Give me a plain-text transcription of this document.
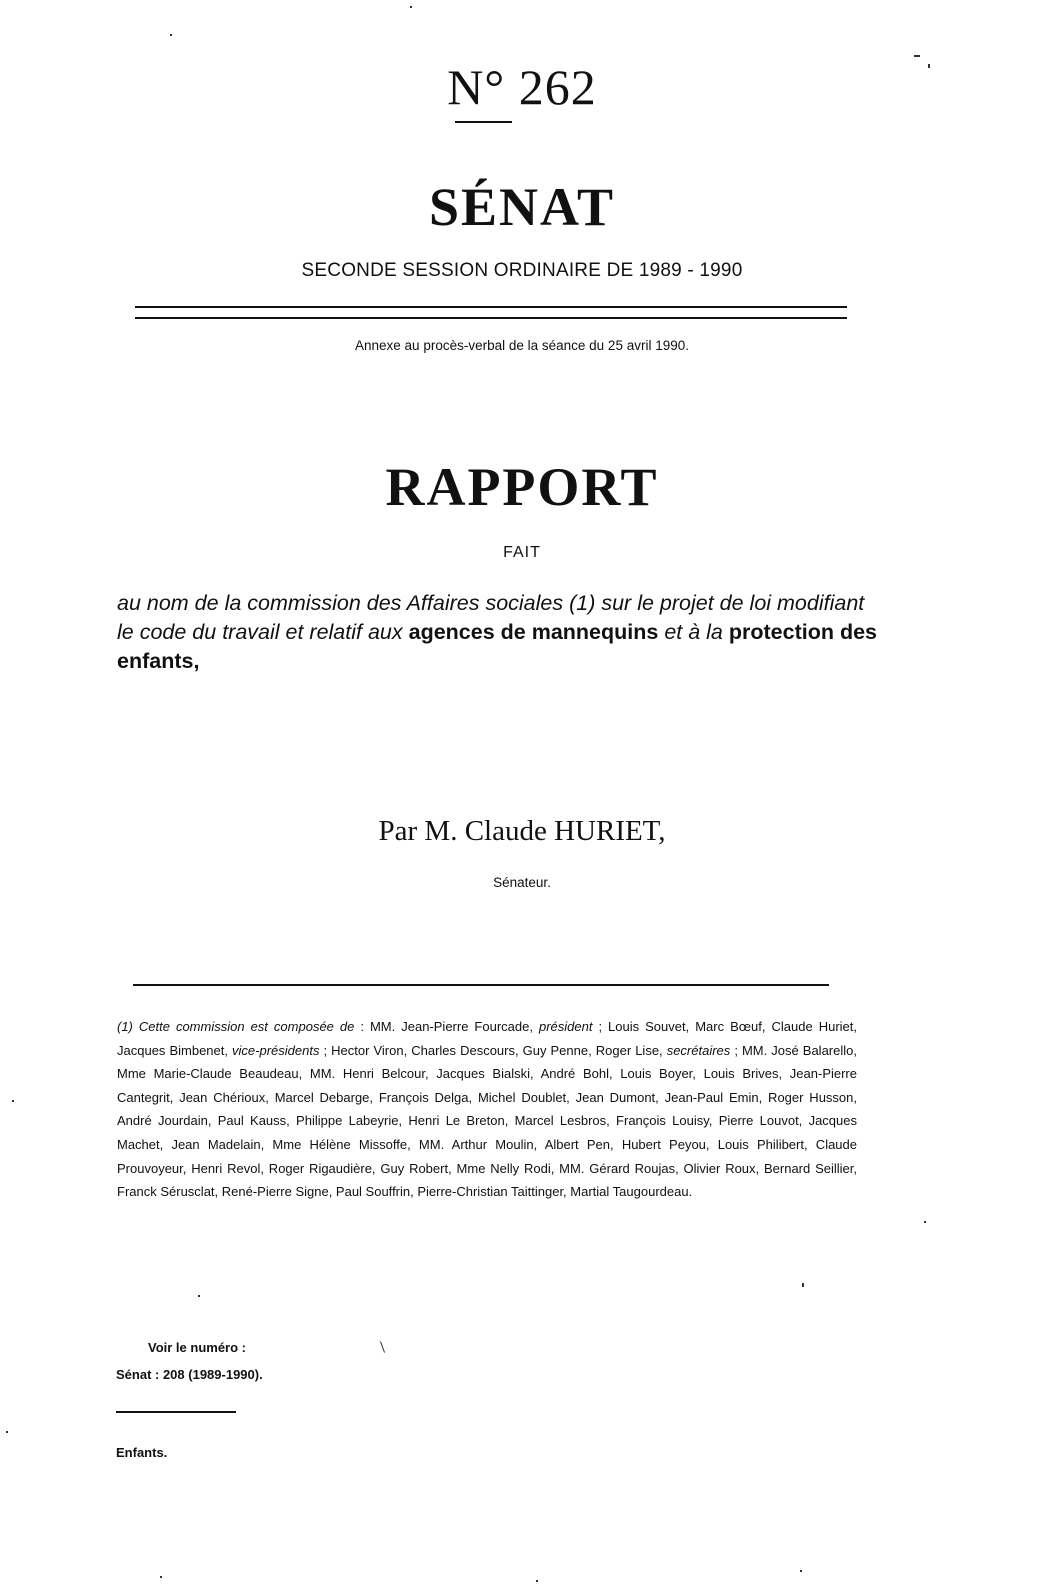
N° 262
SÉNAT
SECONDE SESSION ORDINAIRE DE 1989 - 1990
Annexe au procès-verbal de la séance du 25 avril 1990.
RAPPORT
FAIT
au nom de la commission des Affaires sociales (1) sur le projet de loi modifiant le code du travail et relatif aux agences de mannequins et à la protection des enfants,
Par M. Claude HURIET,
Sénateur.
(1) Cette commission est composée de : MM. Jean-Pierre Fourcade, président ; Louis Souvet, Marc Bœuf, Claude Huriet, Jacques Bimbenet, vice-présidents ; Hector Viron, Charles Descours, Guy Penne, Roger Lise, secrétaires ; MM. José Balarello, Mme Marie-Claude Beaudeau, MM. Henri Belcour, Jacques Bialski, André Bohl, Louis Boyer, Louis Brives, Jean-Pierre Cantegrit, Jean Chérioux, Marcel Debarge, François Delga, Michel Doublet, Jean Dumont, Jean-Paul Emin, Roger Husson, André Jourdain, Paul Kauss, Philippe Labeyrie, Henri Le Breton, Marcel Lesbros, François Louisy, Pierre Louvot, Jacques Machet, Jean Madelain, Mme Hélène Missoffe, MM. Arthur Moulin, Albert Pen, Hubert Peyou, Louis Philibert, Claude Prouvoyeur, Henri Revol, Roger Rigaudière, Guy Robert, Mme Nelly Rodi, MM. Gérard Roujas, Olivier Roux, Bernard Seillier, Franck Sérusclat, René-Pierre Signe, Paul Souffrin, Pierre-Christian Taittinger, Martial Taugourdeau.
Voir le numéro :
Sénat : 208 (1989-1990).
Enfants.
